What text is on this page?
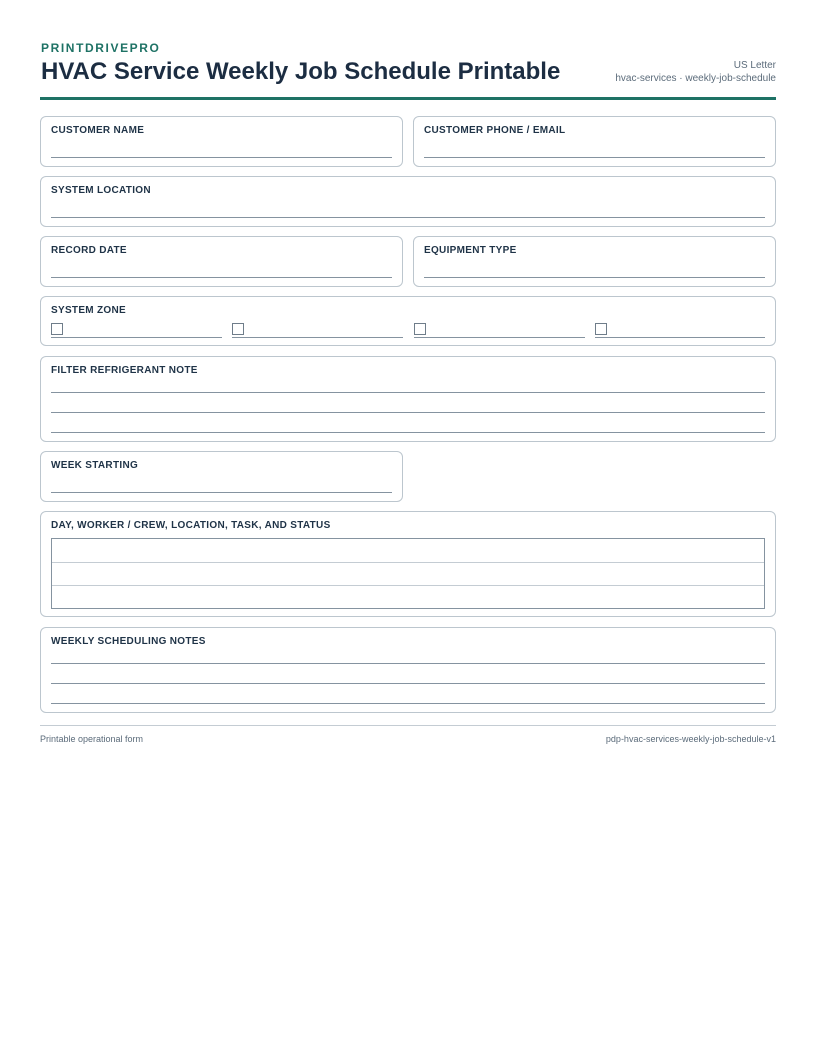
PRINTDRIVEPRO
HVAC Service Weekly Job Schedule Printable	US Letter
hvac-services · weekly-job-schedule
CUSTOMER NAME	CUSTOMER PHONE / EMAIL
SYSTEM LOCATION
RECORD DATE	EQUIPMENT TYPE
SYSTEM ZONE
FILTER REFRIGERANT NOTE
WEEK STARTING
DAY, WORKER / CREW, LOCATION, TASK, AND STATUS
WEEKLY SCHEDULING NOTES
Printable operational form	pdp-hvac-services-weekly-job-schedule-v1
